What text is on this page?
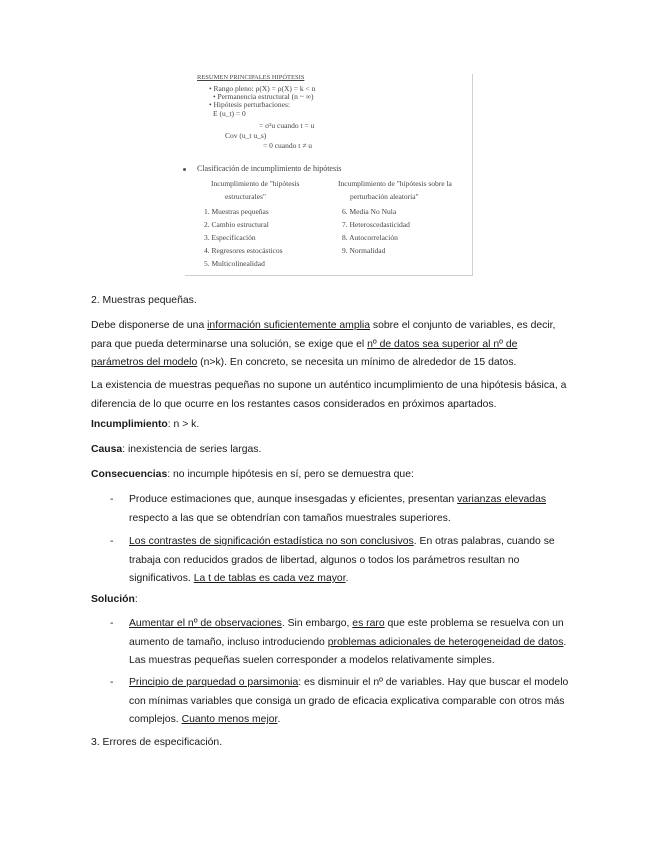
RESUMEN PRINCIPALES HIPÓTESIS
• Rango pleno: ρ(X) = ρ(X) = k < n
• Permanencia estructural (n ~ ∞)
• Hipótesis perturbaciones:
E (u_t) = 0
= σ²u cuando t = u
Cov (u_t u_s)
= 0 cuando t ≠ u
Clasificación de incumplimiento de hipótesis
Incumplimiento de "hipótesis
estructurales"
Incumplimiento de "hipótesis sobre la
perturbación aleatoria"
1. Muestras pequeñas
2. Cambio estructural
3. Especificación
4. Regresores estocásticos
5. Multicolinealidad
6. Media No Nula
7. Heteroscedasticidad
8. Autocorrelación
9. Normalidad
2. Muestras pequeñas.
Debe disponerse de una información suficientemente amplia sobre el conjunto de variables, es decir, para que pueda determinarse una solución, se exige que el nº de datos sea superior al nº de parámetros del modelo (n>k). En concreto, se necesita un mínimo de alrededor de 15 datos.
La existencia de muestras pequeñas no supone un auténtico incumplimiento de una hipótesis básica, a diferencia de lo que ocurre en los restantes casos considerados en próximos apartados.
Incumplimiento: n > k.
Causa: inexistencia de series largas.
Consecuencias: no incumple hipótesis en sí, pero se demuestra que:
- Produce estimaciones que, aunque insesgadas y eficientes, presentan varianzas elevadas respecto a las que se obtendrían con tamaños muestrales superiores.
- Los contrastes de significación estadística no son conclusivos. En otras palabras, cuando se trabaja con reducidos grados de libertad, algunos o todos los parámetros resultan no significativos. La t de tablas es cada vez mayor.
Solución:
- Aumentar el nº de observaciones. Sin embargo, es raro que este problema se resuelva con un aumento de tamaño, incluso introduciendo problemas adicionales de heterogeneidad de datos. Las muestras pequeñas suelen corresponder a modelos relativamente simples.
- Principio de parquedad o parsimonia: es disminuir el nº de variables. Hay que buscar el modelo con mínimas variables que consiga un grado de eficacia explicativa comparable con otros más complejos. Cuanto menos mejor.
3. Errores de especificación.
